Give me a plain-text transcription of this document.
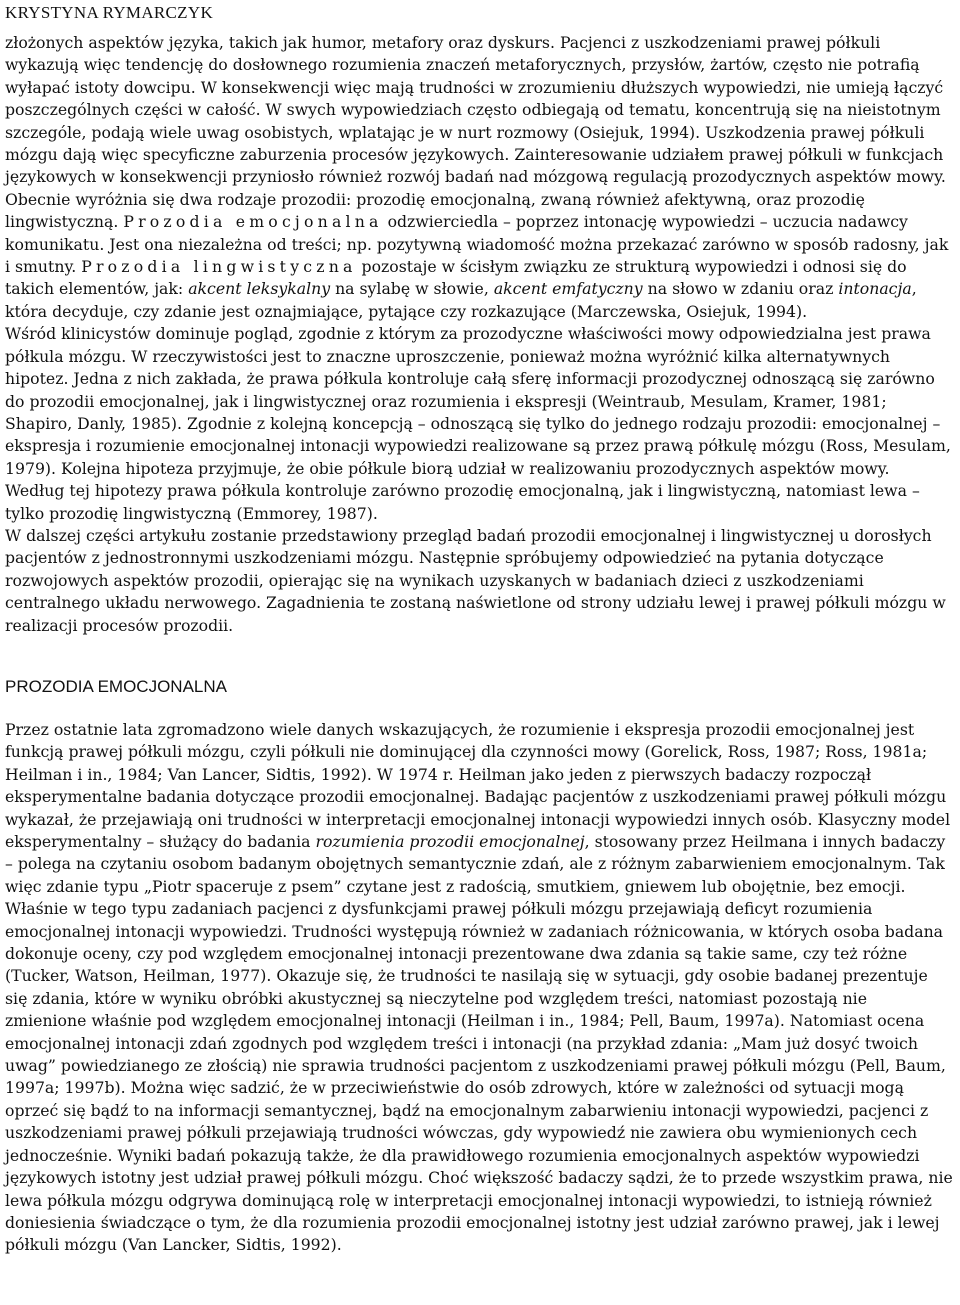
KRYSTYNA RYMARCZYK

złożonych aspektów języka, takich jak humor, metafory oraz dyskurs. Pacjenci z uszkodzeniami prawej półkuli wykazują więc tendencję do dosłownego rozumienia znaczeń metaforycznych, przysłów, żartów, często nie potrafią wyłapać istoty dowcipu. W konsekwencji więc mają trudności w zrozumieniu dłuższych wypowiedzi, nie umieją łączyć poszczególnych części w całość. W swych wypowiedziach często odbiegają od tematu, koncentrują się na nieistotnym szczególe, podają wiele uwag osobistych, wplatając je w nurt rozmowy (Osiejuk, 1994). Uszkodzenia prawej półkuli mózgu dają więc specyficzne zaburzenia procesów językowych. Zainteresowanie udziałem prawej półkuli w funkcjach językowych w konsekwencji przyniosło również rozwój badań nad mózgową regulacją prozodycznych aspektów mowy.

Obecnie wyróżnia się dwa rodzaje prozodii: prozodię emocjonalną, zwaną również afektywną, oraz prozodię lingwistyczną. Prozodia emocjonalna odzwierciedla – poprzez intonację wypowiedzi – uczucia nadawcy komunikatu. Jest ona niezależna od treści; np. pozytywną wiadomość można przekazać zarówno w sposób radosny, jak i smutny. Prozodia lingwistyczna pozostaje w ścisłym związku ze strukturą wypowiedzi i odnosi się do takich elementów, jak: akcent leksykalny na sylabę w słowie, akcent emfatyczny na słowo w zdaniu oraz intonacja, która decyduje, czy zdanie jest oznajmiające, pytające czy rozkazujące (Marczewska, Osiejuk, 1994).

Wśród klinicystów dominuje pogląd, zgodnie z którym za prozodyczne właściwości mowy odpowiedzialna jest prawa półkula mózgu. W rzeczywistości jest to znaczne uproszczenie, ponieważ można wyróżnić kilka alternatywnych hipotez. Jedna z nich zakłada, że prawa półkula kontroluje całą sferę informacji prozodycznej odnoszącą się zarówno do prozodii emocjonalnej, jak i lingwistycznej oraz rozumienia i ekspresji (Weintraub, Mesulam, Kramer, 1981; Shapiro, Danly, 1985). Zgodnie z kolejną koncepcją – odnoszącą się tylko do jednego rodzaju prozodii: emocjonalnej – ekspresja i rozumienie emocjonalnej intonacji wypowiedzi realizowane są przez prawą półkulę mózgu (Ross, Mesulam, 1979). Kolejna hipoteza przyjmuje, że obie półkule biorą udział w realizowaniu prozodycznych aspektów mowy. Według tej hipotezy prawa półkula kontroluje zarówno prozodię emocjonalną, jak i lingwistyczną, natomiast lewa – tylko prozodię lingwistyczną (Emmorey, 1987).

W dalszej części artykułu zostanie przedstawiony przegląd badań prozodii emocjonalnej i lingwistycznej u dorosłych pacjentów z jednostronnymi uszkodzeniami mózgu. Następnie spróbujemy odpowiedzieć na pytania dotyczące rozwojowych aspektów prozodii, opierając się na wynikach uzyskanych w badaniach dzieci z uszkodzeniami centralnego układu nerwowego. Zagadnienia te zostaną naświetlone od strony udziału lewej i prawej półkuli mózgu w realizacji procesów prozodii.

PROZODIA EMOCJONALNA

Przez ostatnie lata zgromadzono wiele danych wskazujących, że rozumienie i ekspresja prozodii emocjonalnej jest funkcją prawej półkuli mózgu, czyli półkuli nie dominującej dla czynności mowy (Gorelick, Ross, 1987; Ross, 1981a; Heilman i in., 1984; Van Lancer, Sidtis, 1992). W 1974 r. Heilman jako jeden z pierwszych badaczy rozpoczął eksperymentalne badania dotyczące prozodii emocjonalnej. Badając pacjentów z uszkodzeniami prawej półkuli mózgu wykazał, że przejawiają oni trudności w interpretacji emocjonalnej intonacji wypowiedzi innych osób. Klasyczny model eksperymentalny – służący do badania rozumienia prozodii emocjonalnej, stosowany przez Heilmana i innych badaczy – polega na czytaniu osobom badanym obojętnych semantycznie zdań, ale z różnym zabarwieniem emocjonalnym. Tak więc zdanie typu „Piotr spaceruje z psem” czytane jest z radością, smutkiem, gniewem lub obojętnie, bez emocji. Właśnie w tego typu zadaniach pacjenci z dysfunkcjami prawej półkuli mózgu przejawiają deficyt rozumienia emocjonalnej intonacji wypowiedzi. Trudności występują również w zadaniach różnicowania, w których osoba badana dokonuje oceny, czy pod względem emocjonalnej intonacji prezentowane dwa zdania są takie same, czy też różne (Tucker, Watson, Heilman, 1977). Okazuje się, że trudności te nasilają się w sytuacji, gdy osobie badanej prezentuje się zdania, które w wyniku obróbki akustycznej są nieczytelne pod względem treści, natomiast pozostają nie zmienione właśnie pod względem emocjonalnej intonacji (Heilman i in., 1984; Pell, Baum, 1997a). Natomiast ocena emocjonalnej intonacji zdań zgodnych pod względem treści i intonacji (na przykład zdania: „Mam już dosyć twoich uwag” powiedzianego ze złością) nie sprawia trudności pacjentom z uszkodzeniami prawej półkuli mózgu (Pell, Baum, 1997a; 1997b). Można więc sadzić, że w przeciwieństwie do osób zdrowych, które w zależności od sytuacji mogą oprzeć się bądź to na informacji semantycznej, bądź na emocjonalnym zabarwieniu intonacji wypowiedzi, pacjenci z uszkodzeniami prawej półkuli przejawiają trudności wówczas, gdy wypowiedź nie zawiera obu wymienionych cech jednocześnie. Wyniki badań pokazują także, że dla prawidłowego rozumienia emocjonalnych aspektów wypowiedzi językowych istotny jest udział prawej półkuli mózgu. Choć większość badaczy sądzi, że to przede wszystkim prawa, nie lewa półkula mózgu odgrywa dominującą rolę w interpretacji emocjonalnej intonacji wypowiedzi, to istnieją również doniesienia świadczące o tym, że dla rozumienia prozodii emocjonalnej istotny jest udział zarówno prawej, jak i lewej półkuli mózgu (Van Lancker, Sidtis, 1992).
